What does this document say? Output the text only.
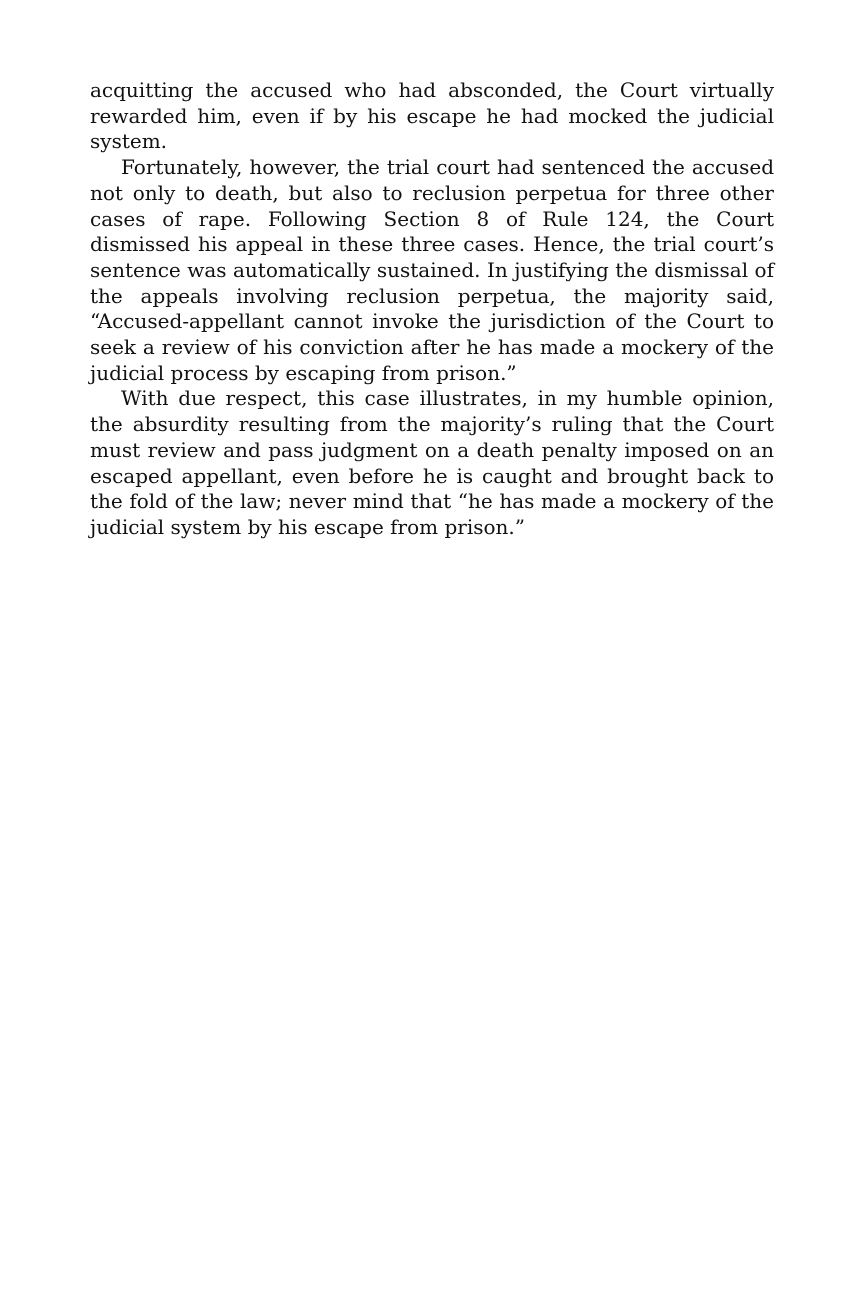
acquitting the accused who had absconded, the Court virtually rewarded him, even if by his escape he had mocked the judicial system.

Fortunately, however, the trial court had sentenced the accused not only to death, but also to reclusion perpetua for three other cases of rape. Following Section 8 of Rule 124, the Court dismissed his appeal in these three cases. Hence, the trial court’s sentence was automatically sustained. In justifying the dismissal of the appeals involving reclusion perpetua, the majority said, “Accused-appellant cannot invoke the jurisdiction of the Court to seek a review of his conviction after he has made a mockery of the judicial process by escaping from prison.”

With due respect, this case illustrates, in my humble opinion, the absurdity resulting from the majority’s ruling that the Court must review and pass judgment on a death penalty imposed on an escaped appellant, even before he is caught and brought back to the fold of the law; never mind that “he has made a mockery of the judicial system by his escape from prison.”
